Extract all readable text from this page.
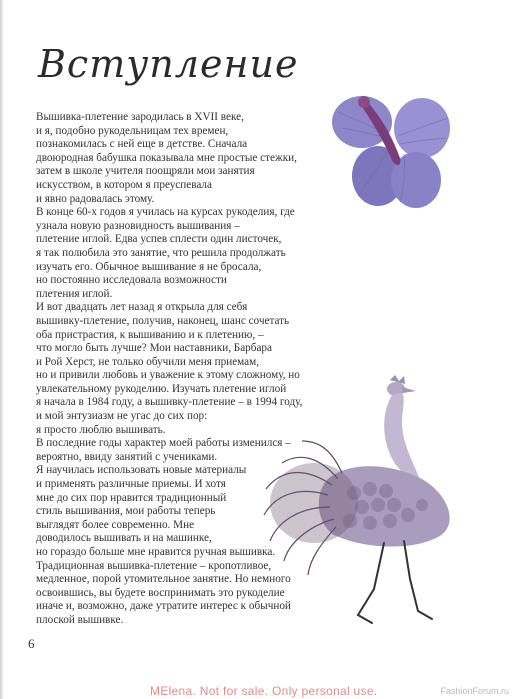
Вступление
Вышивка-плетение зародилась в XVII веке,
и я, подобно рукодельницам тех времен,
познакомилась с ней еще в детстве. Сначала
двоюродная бабушка показывала мне простые стежки,
затем в школе учителя поощряли мои занятия
искусством, в котором я преуспевала
и явно радовалась этому.
В конце 60-х годов я училась на курсах рукоделия, где
узнала новую разновидность вышивания –
плетение иглой. Едва успев сплести один листочек,
я так полюбила это занятие, что решила продолжать
изучать его. Обычное вышивание я не бросала,
но постоянно исследовала возможности
плетения иглой.
И вот двадцать лет назад я открыла для себя
вышивку-плетение, получив, наконец, шанс сочетать
оба пристрастия, к вышиванию и к плетению, –
что могло быть лучше? Мои наставники, Барбара
и Рой Херст, не только обучили меня приемам,
но и привили любовь и уважение к этому сложному, но
увлекательному рукоделию. Изучать плетение иглой
я начала в 1984 году, а вышивку-плетение – в 1994 году,
и мой энтузиазм не угас до сих пор:
я просто люблю вышивать.
В последние годы характер моей работы изменился –
вероятно, ввиду занятий с учениками.
Я научилась использовать новые материалы
и применять различные приемы. И хотя
мне до сих пор нравится традиционный
стиль вышивания, мои работы теперь
выглядят более современно. Мне
доводилось вышивать и на машинке,
но гораздо больше мне нравится ручная вышивка.
Традиционная вышивка-плетение – кропотливое,
медленное, порой утомительное занятие. Но немного
освоившись, вы будете воспринимать это рукоделие
иначе и, возможно, даже утратите интерес к обычной
плоской вышивке.
6
MElena. Not for sale. Only personal use.	FashionForum.ru
